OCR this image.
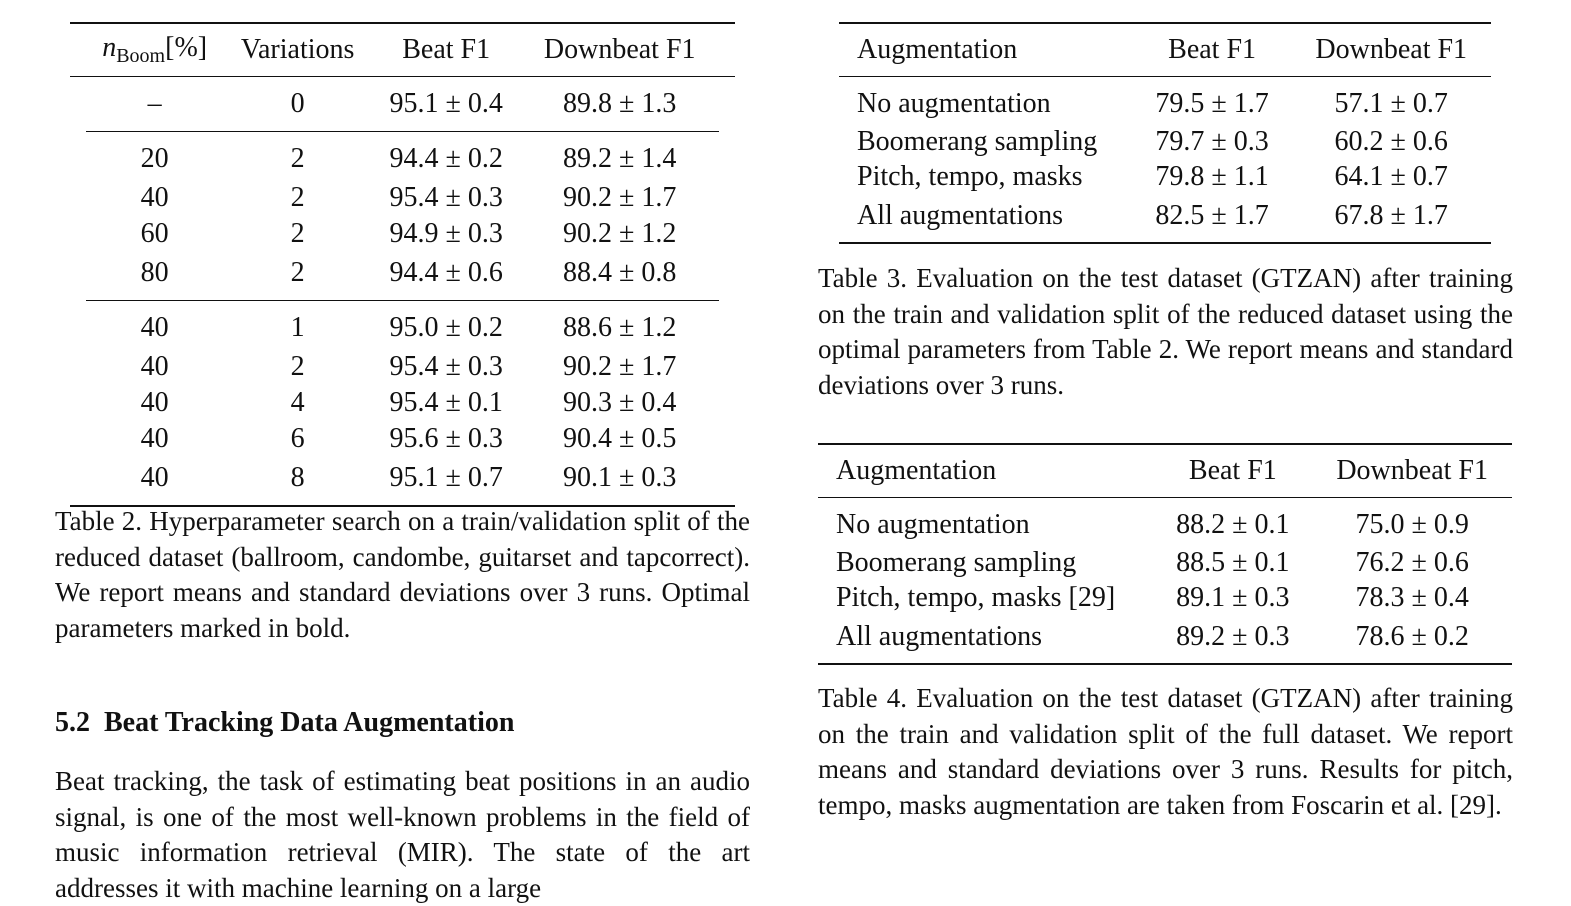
	$n_{Boom}[\%]$	Variations	Beat F1	Downbeat F1	
	–	0	95.1 ± 0.4	89.8 ± 1.3	
	20	2	94.4 ± 0.2	89.2 ± 1.4	
	40	2	95.4 ± 0.3	90.2 ± 1.7	
	60	2	94.9 ± 0.3	90.2 ± 1.2	
	80	2	94.4 ± 0.6	88.4 ± 0.8	
	40	1	95.0 ± 0.2	88.6 ± 1.2	
	40	2	95.4 ± 0.3	90.2 ± 1.7	
	40	4	95.4 ± 0.1	90.3 ± 0.4	
	40	6	95.6 ± 0.3	90.4 ± 0.5	
	40	8	95.1 ± 0.7	90.1 ± 0.3	
Table 2. Hyperparameter search on a train/validation split of the reduced dataset (ballroom, candombe, guitarset and tapcorrect). We report means and standard deviations over 3 runs. Optimal parameters marked in bold.
5.2 Beat Tracking Data Augmentation
Beat tracking, the task of estimating beat positions in an audio signal, is one of the most well-known problems in the field of music information retrieval (MIR). The state of the art addresses it with machine learning on a large
Augmentation	Beat F1	Downbeat F1
No augmentation	79.5 ± 1.7	57.1 ± 0.7
Boomerang sampling	79.7 ± 0.3	60.2 ± 0.6
Pitch, tempo, masks	79.8 ± 1.1	64.1 ± 0.7
All augmentations	82.5 ± 1.7	67.8 ± 1.7
Table 3. Evaluation on the test dataset (GTZAN) after training on the train and validation split of the reduced dataset using the optimal parameters from Table 2. We report means and standard deviations over 3 runs.
Augmentation	Beat F1	Downbeat F1
No augmentation	88.2 ± 0.1	75.0 ± 0.9
Boomerang sampling	88.5 ± 0.1	76.2 ± 0.6
Pitch, tempo, masks [29]	89.1 ± 0.3	78.3 ± 0.4
All augmentations	89.2 ± 0.3	78.6 ± 0.2
Table 4. Evaluation on the test dataset (GTZAN) after training on the train and validation split of the full dataset. We report means and standard deviations over 3 runs. Results for pitch, tempo, masks augmentation are taken from Foscarin et al. [29].
